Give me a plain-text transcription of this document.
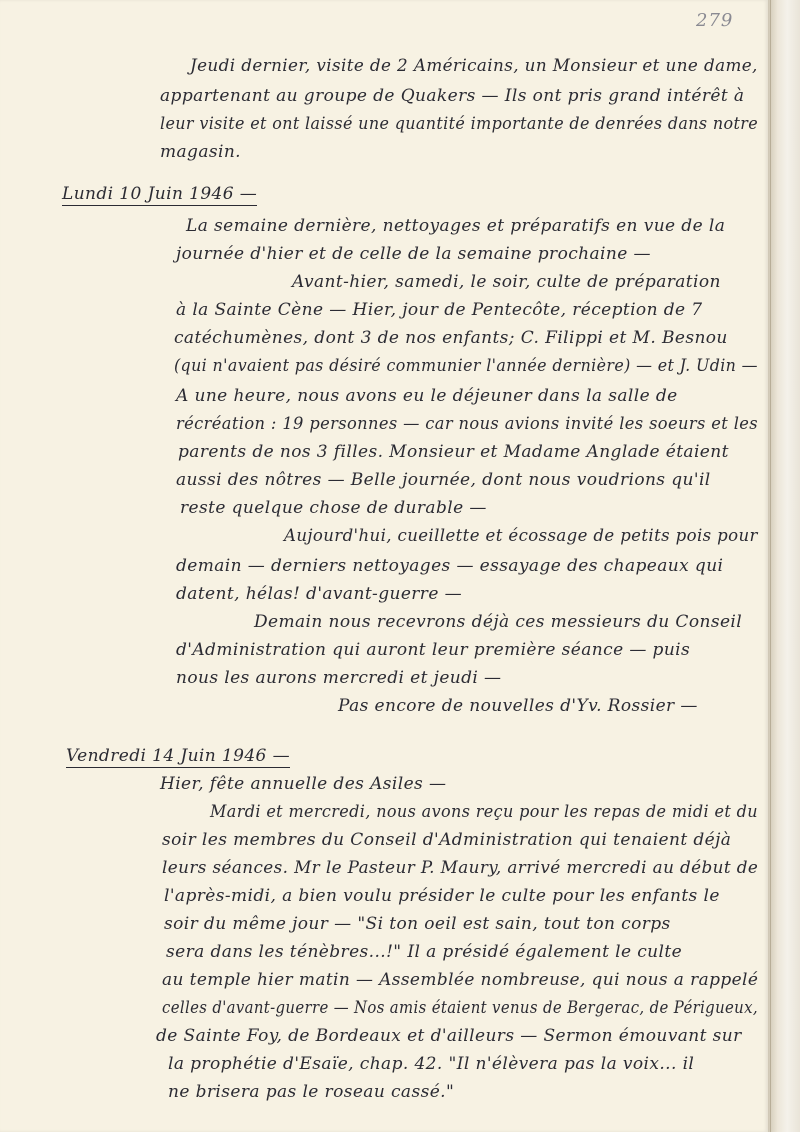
279
Jeudi dernier, visite de 2 Américains, un Monsieur et une dame,
appartenant au groupe de Quakers — Ils ont pris grand intérêt à
leur visite et ont laissé une quantité importante de denrées dans notre
magasin.
Lundi 10 Juin 1946 —
La semaine dernière, nettoyages et préparatifs en vue de la
journée d'hier et de celle de la semaine prochaine —
Avant-hier, samedi, le soir, culte de préparation
à la Sainte Cène — Hier, jour de Pentecôte, réception de 7
catéchumènes, dont 3 de nos enfants; C. Filippi et M. Besnou
(qui n'avaient pas désiré communier l'année dernière) — et J. Udin —
A une heure, nous avons eu le déjeuner dans la salle de
récréation : 19 personnes — car nous avions invité les soeurs et les
parents de nos 3 filles. Monsieur et Madame Anglade étaient
aussi des nôtres — Belle journée, dont nous voudrions qu'il
reste quelque chose de durable —
Aujourd'hui, cueillette et écossage de petits pois pour
demain — derniers nettoyages — essayage des chapeaux qui
datent, hélas! d'avant-guerre —
Demain nous recevrons déjà ces messieurs du Conseil
d'Administration qui auront leur première séance — puis
nous les aurons mercredi et jeudi —
Pas encore de nouvelles d'Yv. Rossier —
Vendredi 14 Juin 1946 —
Hier, fête annuelle des Asiles —
Mardi et mercredi, nous avons reçu pour les repas de midi et du
soir les membres du Conseil d'Administration qui tenaient déjà
leurs séances. Mr le Pasteur P. Maury, arrivé mercredi au début de
l'après-midi, a bien voulu présider le culte pour les enfants le
soir du même jour — "Si ton oeil est sain, tout ton corps
sera dans les ténèbres...!" Il a présidé également le culte
au temple hier matin — Assemblée nombreuse, qui nous a rappelé
celles d'avant-guerre — Nos amis étaient venus de Bergerac, de Périgueux,
de Sainte Foy, de Bordeaux et d'ailleurs — Sermon émouvant sur
la prophétie d'Esaïe, chap. 42. "Il n'élèvera pas la voix... il
ne brisera pas le roseau cassé."
